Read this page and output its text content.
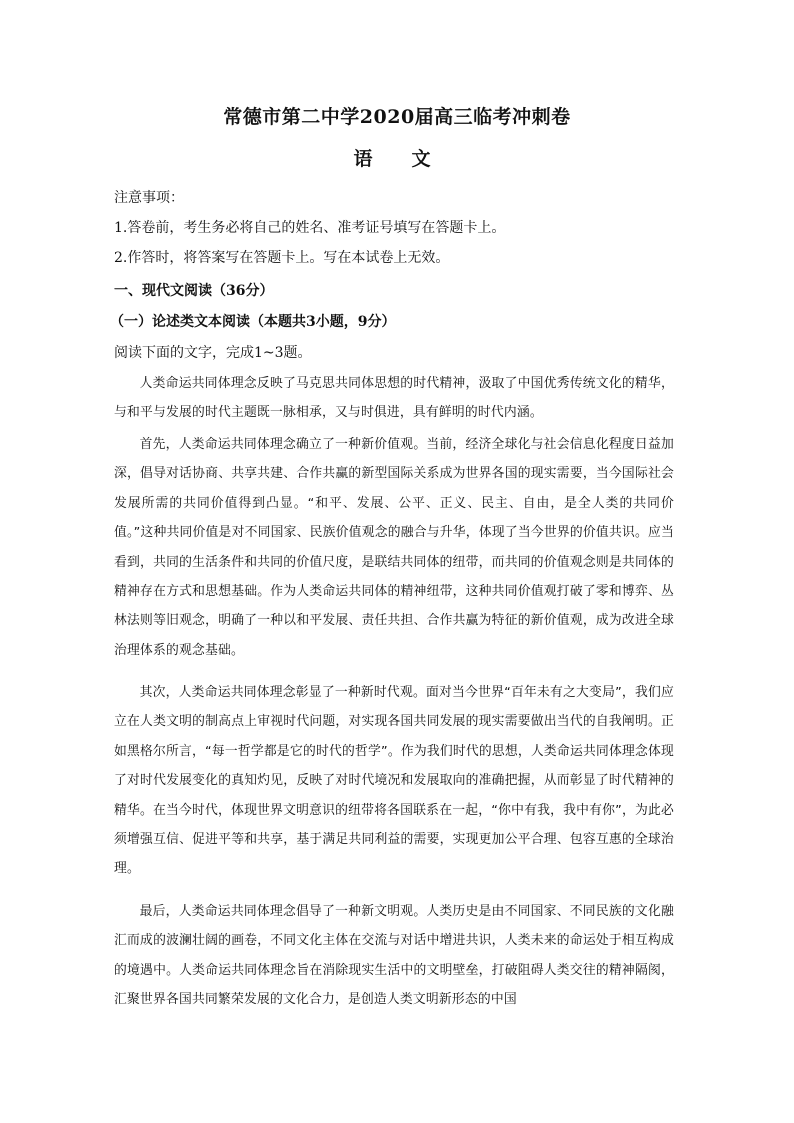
常德市第二中学2020届高三临考冲刺卷
语　文
注意事项：
1.答卷前，考生务必将自己的姓名、准考证号填写在答题卡上。
2.作答时，将答案写在答题卡上。写在本试卷上无效。
一、现代文阅读（36分）
（一）论述类文本阅读（本题共3小题，9分）
阅读下面的文字，完成1~3题。

人类命运共同体理念反映了马克思共同体思想的时代精神，汲取了中国优秀传统文化的精华，与和平与发展的时代主题既一脉相承，又与时俱进，具有鲜明的时代内涵。

首先，人类命运共同体理念确立了一种新价值观。当前，经济全球化与社会信息化程度日益加深，倡导对话协商、共享共建、合作共赢的新型国际关系成为世界各国的现实需要，当今国际社会发展所需的共同价值得到凸显。“和平、发展、公平、正义、民主、自由，是全人类的共同价值。”这种共同价值是对不同国家、民族价值观念的融合与升华，体现了当今世界的价值共识。应当看到，共同的生活条件和共同的价值尺度，是联结共同体的纽带，而共同的价值观念则是共同体的精神存在方式和思想基础。作为人类命运共同体的精神纽带，这种共同价值观打破了零和博弈、丛林法则等旧观念，明确了一种以和平发展、责任共担、合作共赢为特征的新价值观，成为改进全球治理体系的观念基础。

其次，人类命运共同体理念彰显了一种新时代观。面对当今世界“百年未有之大变局”，我们应立在人类文明的制高点上审视时代问题，对实现各国共同发展的现实需要做出当代的自我阐明。正如黑格尔所言，“每一哲学都是它的时代的哲学”。作为我们时代的思想，人类命运共同体理念体现了对时代发展变化的真知灼见，反映了对时代境况和发展取向的准确把握，从而彰显了时代精神的精华。在当今时代，体现世界文明意识的纽带将各国联系在一起，“你中有我，我中有你”，为此必须增强互信、促进平等和共享，基于满足共同利益的需要，实现更加公平合理、包容互惠的全球治理。

最后，人类命运共同体理念倡导了一种新文明观。人类历史是由不同国家、不同民族的文化融汇而成的波澜壮阔的画卷，不同文化主体在交流与对话中增进共识，人类未来的命运处于相互构成的境遇中。人类命运共同体理念旨在消除现实生活中的文明壁垒，打破阻碍人类交往的精神隔阂，汇聚世界各国共同繁荣发展的文化合力，是创造人类文明新形态的中国
